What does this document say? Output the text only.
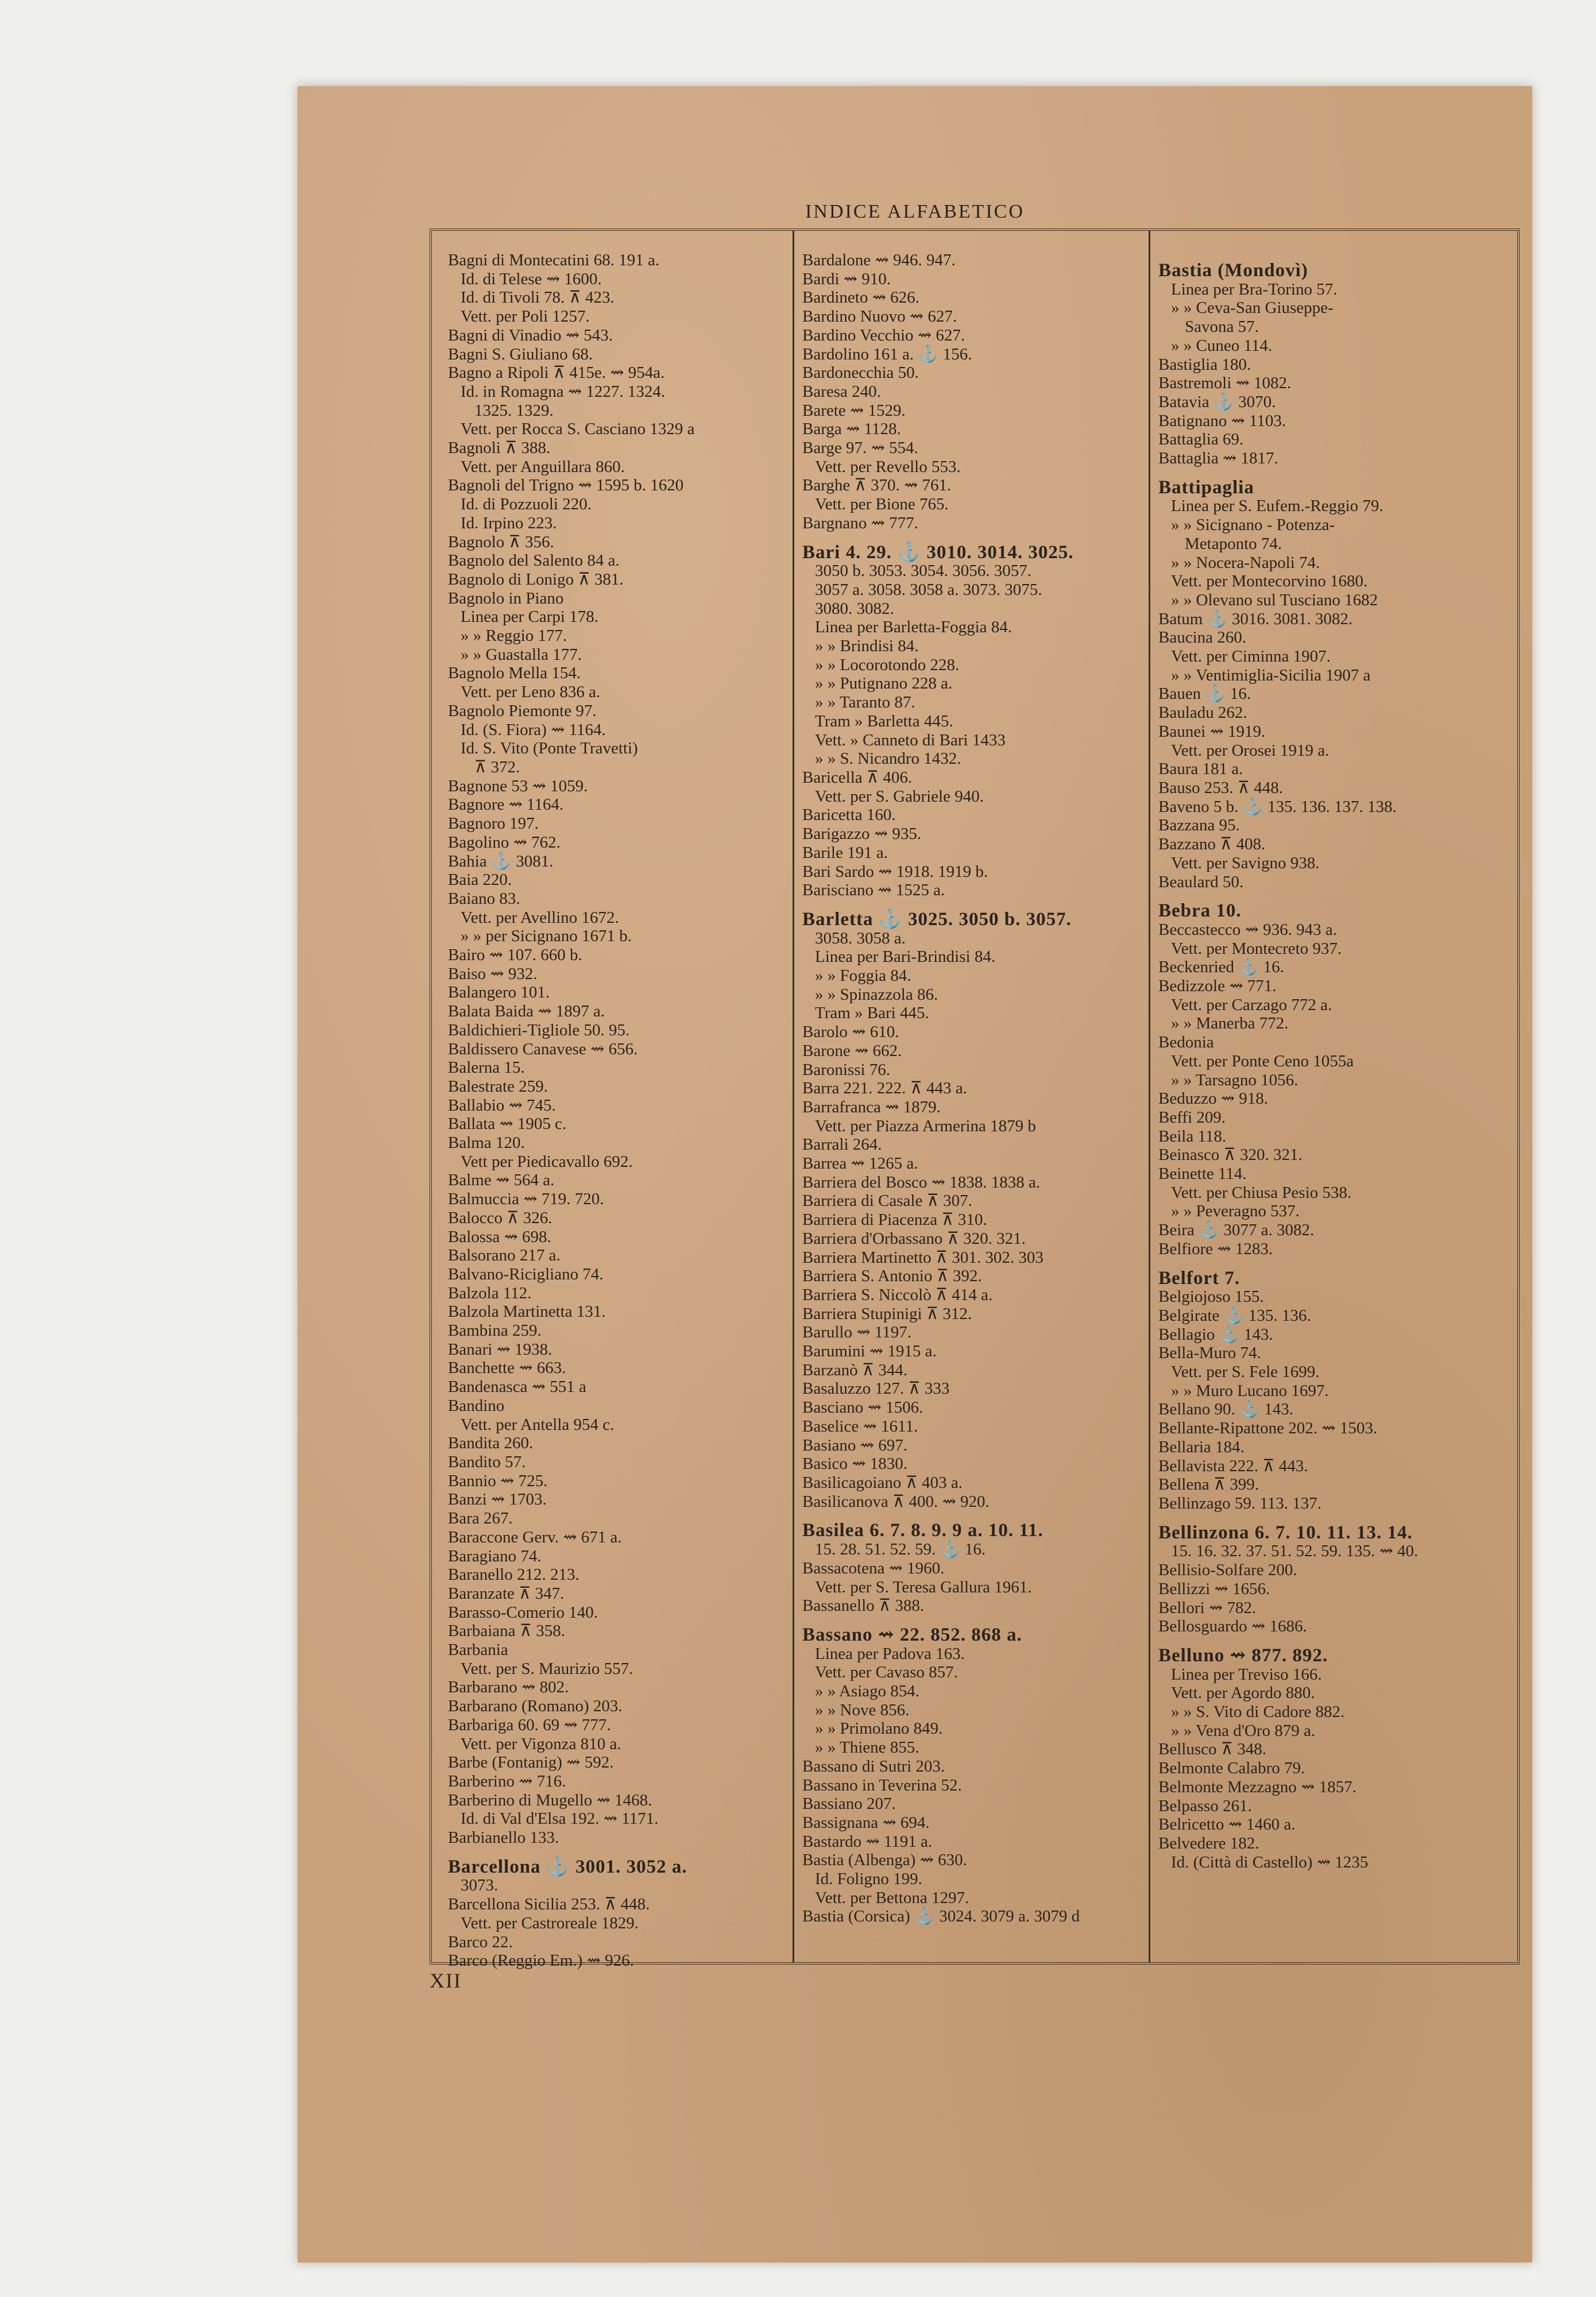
INDICE ALFABETICO
Bagni di Montecatini 68. 191 a.
Id. di Telese ⇝ 1600.
Id. di Tivoli 78. ⊼ 423.
Vett. per Poli 1257.
Bagni di Vinadio ⇝ 543.
Bagni S. Giuliano 68.
Bagno a Ripoli ⊼ 415e. ⇝ 954a.
Id. in Romagna ⇝ 1227. 1324.
1325. 1329.
Vett. per Rocca S. Casciano 1329 a
Bagnoli ⊼ 388.
Vett. per Anguillara 860.
Bagnoli del Trigno ⇝ 1595 b. 1620
Id. di Pozzuoli 220.
Id. Irpino 223.
Bagnolo ⊼ 356.
Bagnolo del Salento 84 a.
Bagnolo di Lonigo ⊼ 381.
Bagnolo in Piano
Linea per Carpi 178.
» » Reggio 177.
» » Guastalla 177.
Bagnolo Mella 154.
Vett. per Leno 836 a.
Bagnolo Piemonte 97.
Id. (S. Fiora) ⇝ 1164.
Id. S. Vito (Ponte Travetti)
⊼ 372.
Bagnone 53 ⇝ 1059.
Bagnore ⇝ 1164.
Bagnoro 197.
Bagolino ⇝ 762.
Bahia ⚓ 3081.
Baia 220.
Baiano 83.
Vett. per Avellino 1672.
» » per Sicignano 1671 b.
Bairo ⇝ 107. 660 b.
Baiso ⇝ 932.
Balangero 101.
Balata Baida ⇝ 1897 a.
Baldichieri-Tigliole 50. 95.
Baldissero Canavese ⇝ 656.
Balerna 15.
Balestrate 259.
Ballabio ⇝ 745.
Ballata ⇝ 1905 c.
Balma 120.
Vett per Piedicavallo 692.
Balme ⇝ 564 a.
Balmuccia ⇝ 719. 720.
Balocco ⊼ 326.
Balossa ⇝ 698.
Balsorano 217 a.
Balvano-Ricigliano 74.
Balzola 112.
Balzola Martinetta 131.
Bambina 259.
Banari ⇝ 1938.
Banchette ⇝ 663.
Bandenasca ⇝ 551 a
Bandino
Vett. per Antella 954 c.
Bandita 260.
Bandito 57.
Bannio ⇝ 725.
Banzi ⇝ 1703.
Bara 267.
Baraccone Gerv. ⇝ 671 a.
Baragiano 74.
Baranello 212. 213.
Baranzate ⊼ 347.
Barasso-Comerio 140.
Barbaiana ⊼ 358.
Barbania
Vett. per S. Maurizio 557.
Barbarano ⇝ 802.
Barbarano (Romano) 203.
Barbariga 60. 69 ⇝ 777.
Vett. per Vigonza 810 a.
Barbe (Fontanig) ⇝ 592.
Barberino ⇝ 716.
Barberino di Mugello ⇝ 1468.
Id. di Val d'Elsa 192. ⇝ 1171.
Barbianello 133.
Barcellona ⚓ 3001. 3052 a.
3073.
Barcellona Sicilia 253. ⊼ 448.
Vett. per Castroreale 1829.
Barco 22.
Barco (Reggio Em.) ⇝ 926.
Bardalone ⇝ 946. 947.
Bardi ⇝ 910.
Bardineto ⇝ 626.
Bardino Nuovo ⇝ 627.
Bardino Vecchio ⇝ 627.
Bardolino 161 a. ⚓ 156.
Bardonecchia 50.
Baresa 240.
Barete ⇝ 1529.
Barga ⇝ 1128.
Barge 97. ⇝ 554.
Vett. per Revello 553.
Barghe ⊼ 370. ⇝ 761.
Vett. per Bione 765.
Bargnano ⇝ 777.
Bari 4. 29. ⚓ 3010. 3014. 3025.
3050 b. 3053. 3054. 3056. 3057.
3057 a. 3058. 3058 a. 3073. 3075.
3080. 3082.
Linea per Barletta-Foggia 84.
» » Brindisi 84.
» » Locorotondo 228.
» » Putignano 228 a.
» » Taranto 87.
Tram » Barletta 445.
Vett. » Canneto di Bari 1433
» » S. Nicandro 1432.
Baricella ⊼ 406.
Vett. per S. Gabriele 940.
Baricetta 160.
Barigazzo ⇝ 935.
Barile 191 a.
Bari Sardo ⇝ 1918. 1919 b.
Barisciano ⇝ 1525 a.
Barletta ⚓ 3025. 3050 b. 3057.
3058. 3058 a.
Linea per Bari-Brindisi 84.
» » Foggia 84.
» » Spinazzola 86.
Tram » Bari 445.
Barolo ⇝ 610.
Barone ⇝ 662.
Baronissi 76.
Barra 221. 222. ⊼ 443 a.
Barrafranca ⇝ 1879.
Vett. per Piazza Armerina 1879 b
Barrali 264.
Barrea ⇝ 1265 a.
Barriera del Bosco ⇝ 1838. 1838 a.
Barriera di Casale ⊼ 307.
Barriera di Piacenza ⊼ 310.
Barriera d'Orbassano ⊼ 320. 321.
Barriera Martinetto ⊼ 301. 302. 303
Barriera S. Antonio ⊼ 392.
Barriera S. Niccolò ⊼ 414 a.
Barriera Stupinigi ⊼ 312.
Barullo ⇝ 1197.
Barumini ⇝ 1915 a.
Barzanò ⊼ 344.
Basaluzzo 127. ⊼ 333
Basciano ⇝ 1506.
Baselice ⇝ 1611.
Basiano ⇝ 697.
Basico ⇝ 1830.
Basilicagoiano ⊼ 403 a.
Basilicanova ⊼ 400. ⇝ 920.
Basilea 6. 7. 8. 9. 9 a. 10. 11.
15. 28. 51. 52. 59. ⚓ 16.
Bassacotena ⇝ 1960.
Vett. per S. Teresa Gallura 1961.
Bassanello ⊼ 388.
Bassano ⇝ 22. 852. 868 a.
Linea per Padova 163.
Vett. per Cavaso 857.
» » Asiago 854.
» » Nove 856.
» » Primolano 849.
» » Thiene 855.
Bassano di Sutri 203.
Bassano in Teverina 52.
Bassiano 207.
Bassignana ⇝ 694.
Bastardo ⇝ 1191 a.
Bastia (Albenga) ⇝ 630.
Id. Foligno 199.
Vett. per Bettona 1297.
Bastia (Corsica) ⚓ 3024. 3079 a. 3079 d
Bastia (Mondovì)
Linea per Bra-Torino 57.
» » Ceva-San Giuseppe-
Savona 57.
» » Cuneo 114.
Bastiglia 180.
Bastremoli ⇝ 1082.
Batavia ⚓ 3070.
Batignano ⇝ 1103.
Battaglia 69.
Battaglia ⇝ 1817.
Battipaglia
Linea per S. Eufem.-Reggio 79.
» » Sicignano - Potenza-
Metaponto 74.
» » Nocera-Napoli 74.
Vett. per Montecorvino 1680.
» » Olevano sul Tusciano 1682
Batum ⚓ 3016. 3081. 3082.
Baucina 260.
Vett. per Ciminna 1907.
» » Ventimiglia-Sicilia 1907 a
Bauen ⚓ 16.
Bauladu 262.
Baunei ⇝ 1919.
Vett. per Orosei 1919 a.
Baura 181 a.
Bauso 253. ⊼ 448.
Baveno 5 b. ⚓ 135. 136. 137. 138.
Bazzana 95.
Bazzano ⊼ 408.
Vett. per Savigno 938.
Beaulard 50.
Bebra 10.
Beccastecco ⇝ 936. 943 a.
Vett. per Montecreto 937.
Beckenried ⚓ 16.
Bedizzole ⇝ 771.
Vett. per Carzago 772 a.
» » Manerba 772.
Bedonia
Vett. per Ponte Ceno 1055a
» » Tarsagno 1056.
Beduzzo ⇝ 918.
Beffi 209.
Beila 118.
Beinasco ⊼ 320. 321.
Beinette 114.
Vett. per Chiusa Pesio 538.
» » Peveragno 537.
Beira ⚓ 3077 a. 3082.
Belfiore ⇝ 1283.
Belfort 7.
Belgiojoso 155.
Belgirate ⚓ 135. 136.
Bellagio ⚓ 143.
Bella-Muro 74.
Vett. per S. Fele 1699.
» » Muro Lucano 1697.
Bellano 90. ⚓ 143.
Bellante-Ripattone 202. ⇝ 1503.
Bellaria 184.
Bellavista 222. ⊼ 443.
Bellena ⊼ 399.
Bellinzago 59. 113. 137.
Bellinzona 6. 7. 10. 11. 13. 14.
15. 16. 32. 37. 51. 52. 59. 135. ⇝ 40.
Bellisio-Solfare 200.
Bellizzi ⇝ 1656.
Bellori ⇝ 782.
Bellosguardo ⇝ 1686.
Belluno ⇝ 877. 892.
Linea per Treviso 166.
Vett. per Agordo 880.
» » S. Vito di Cadore 882.
» » Vena d'Oro 879 a.
Bellusco ⊼ 348.
Belmonte Calabro 79.
Belmonte Mezzagno ⇝ 1857.
Belpasso 261.
Belricetto ⇝ 1460 a.
Belvedere 182.
Id. (Città di Castello) ⇝ 1235
XII
